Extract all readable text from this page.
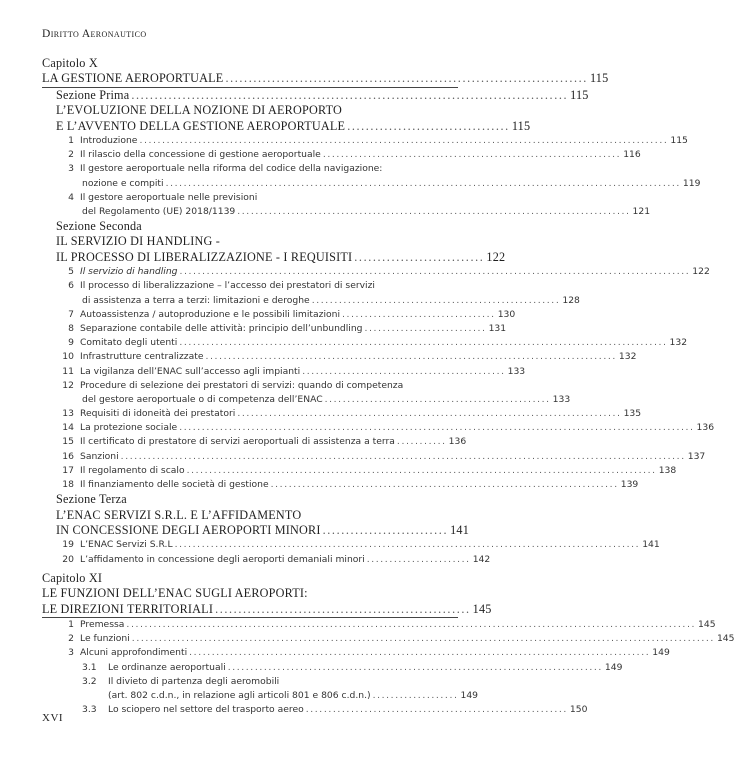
Diritto Aeronautico
Capitolo X
LA GESTIONE AEROPORTUALE .............................................................................. 115
Sezione Prima .............................................................................................. 115
L’EVOLUZIONE DELLA NOZIONE DI AEROPORTO
E L’AVVENTO DELLA GESTIONE AEROPORTUALE ................................... 115
1 Introduzione ..................................................................................................................... 115
2 Il rilascio della concessione di gestione aeroportuale .................................................................. 116
3 Il gestore aeroportuale nella riforma del codice della navigazione:
nozione e compiti .................................................................................................................. 119
4 Il gestore aeroportuale nelle previsioni
del Regolamento (UE) 2018/1139 ....................................................................................... 121
Sezione Seconda
IL SERVIZIO DI HANDLING -
IL PROCESSO DI LIBERALIZZAZIONE - I REQUISITI ............................ 122
5 Il servizio di handling ................................................................................................................. 122
6 Il processo di liberalizzazione – l’accesso dei prestatori di servizi
di assistenza a terra a terzi: limitazioni e deroghe ....................................................... 128
7 Autoassistenza / autoproduzione e le possibili limitazioni .................................. 130
8 Separazione contabile delle attività: principio dell’unbundling ........................... 131
9 Comitato degli utenti ............................................................................................................ 132
10 Infrastrutture centralizzate ........................................................................................... 132
11 La vigilanza dell’ENAC sull’accesso agli impianti ............................................. 133
12 Procedure di selezione dei prestatori di servizi: quando di competenza
del gestore aeroportuale o di competenza dell’ENAC .................................................. 133
13 Requisiti di idoneità dei prestatori ..................................................................................... 135
14 La protezione sociale .................................................................................................................. 136
15 Il certificato di prestatore di servizi aeroportuali di assistenza a terra ........... 136
16 Sanzioni ............................................................................................................................. 137
17 Il regolamento di scalo ........................................................................................................ 138
18 Il finanziamento delle società di gestione ............................................................................. 139
Sezione Terza
L’ENAC SERVIZI S.R.L. E L’AFFIDAMENTO
IN CONCESSIONE DEGLI AEROPORTI MINORI ........................... 141
19 L’ENAC Servizi S.R.L ....................................................................................................... 141
20 L’affidamento in concessione degli aeroporti demaniali minori ....................... 142
Capitolo XI
LE FUNZIONI DELL’ENAC SUGLI AEROPORTI:
LE DIREZIONI TERRITORIALI ....................................................... 145
1 Premessa .............................................................................................................................. 145
2 Le funzioni ................................................................................................................................. 145
3 Alcuni approfondimenti ...................................................................................................... 149
3.1	Le ordinanze aeroportuali ................................................................................... 149
3.2	Il divieto di partenza degli aeromobili
(art. 802 c.d.n., in relazione agli articoli 801 e 806 c.d.n.) ................... 149
3.3	Lo sciopero nel settore del trasporto aereo .......................................................... 150
XVI
